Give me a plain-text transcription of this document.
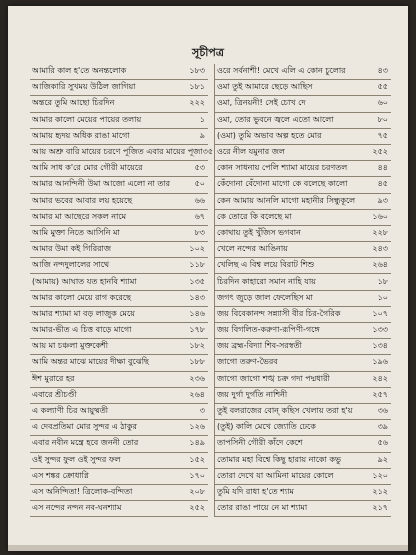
সূচীপত্র
আমারি কাল হ'তে অনন্তলোক	১৮৩
আজিকারি সুখময় উঠিল জাগিয়া	১৮১
অন্তরে তুমি আছো চিরদিন	২২২
আমার কালো মেয়ের পায়ের তলায়	১
আমায় হৃদয় অধিক রাঙা মাগো	৯
আয় অশ্রু বারি মায়ের চরণে পূজিত এবার মায়ের পূজা ৩৫
আমি সাধ ক'রে মোর গৌরী মায়েরে	৫৩
আমার আনন্দিনী উমা আজো এলো না তার	৫০
আমার ভবের আবার লয় হয়েছে	৬৬
আমার মা আছেরে সকল নামে	৬৭
আমি মুক্তা নিতে আসিনি মা	৮৩
আমার উমা কই গিরিরাজ	১০২
আজি নন্দদুলালের সাথে	১১৮
(আমায়) আঘাত যত হানবি শ্যামা	১৩৫
আমার কালো মেয়ে রাগ করেছে	১৪৩
আমার শ্যামা মা বড় লাজুক মেয়ে	১৪৬
আমার-ভীত এ চিত্ত বাড়ে মাগো	১৭৮
আয় মা চঞ্চলা মুক্তকেশী	১৮২
আমি অন্তর মাঝে মায়ের দীক্ষা বুঝেছি	১৮৮
ঈশ মুরারে হর	২৩৬
এবারে শ্রীচণ্ডী	২৬৪
এ কল্যাণী চির আয়ুষ্মতী	৩
এ দেবপ্রতিমা মোর সুন্দর এ ঠাকুর	১২৬
এবার নবীন মন্ত্রে হবে জননী তোর	১৪৯
ওই সুন্দর ফুল ওই সুন্দর ফল	১৫২
এস শঙ্কর ক্রোধাগ্নি	১৭০
এস অনিন্দিতা! ত্রিলোক-বন্দিতা	২০৮
এস নন্দের নন্দন নব-ঘনশ্যাম	২৫২
ওরে সর্বনাশী! মেখে এলি এ কোন চুলোর	৪৩
ওমা তুই আমারে ছেড়ে আছিস	৫৫
ওমা, ত্রিনয়নী! সেই চোখ দে	৬০
ওমা, তোর ভুবনে জ্বলে এতো আলো	৮০
(ওমা) তুমি অভাব অল্প হতে মোর	৭৫
ওরে নীল যমুনার জল	২৫২
কোন সাধনায় পেলি শ্যামা মায়ের চরণতল	৪৪
কেঁদোনা বেঁদোনা মাগো কে বলেছে কালো	৪৫
কেন আমায় আনলি মাগো মহানীর সিন্ধুকূলে	৯৩
কে তোরে কি বলেছে মা	১৬০
কোথায় তুই খুঁজিস ভগবান	২২৮
খেলে নন্দের আঙিনায়	২৪৩
খেলিছ এ বিশ্ব লয়ে বিরাট শিশু	২৬৪
চিরদিন কাহারো সমান নাহি যায়	১৮
জগৎ জুড়ে জাল ফেলেছিস মা	১০
জয় বিবেকানন্দ সন্ন্যাসী বীর চির-গৈরিক	১০৭
জয় বিগলিত-করুণা-রূপিণী-গঙ্গে	১৩৩
জয় ব্রহ্ম-বিদ্যা শিব-সরস্বতী	১৩৪
জাগো তরুণ-ভৈরব	১৯৬
জাগো জাগো শঙ্খ চক্র গদা পদ্মধারী	২৪২
জয় দুর্গা দুর্গতি নাশিনী	২৫৭
তুই বলরাজের বোন্‌ কছিস খেলায় তরা হ'য়	৩৬
(তুই) কালি মেখে জ্যোতি ঢেকে	৩৯
তাপসিনী গৌরী কাঁদে কেশে	৫৬
তোমার মহা বিশ্বে কিছু হারায় নাকো কভু	৯২
তোরা দেখে যা আমিনা মায়ের কোলে	১২০
তুমি যদি রাধা হ'তে শ্যাম	২১২
তোর রাঙা পায়ে নে মা শ্যামা	২১৭
